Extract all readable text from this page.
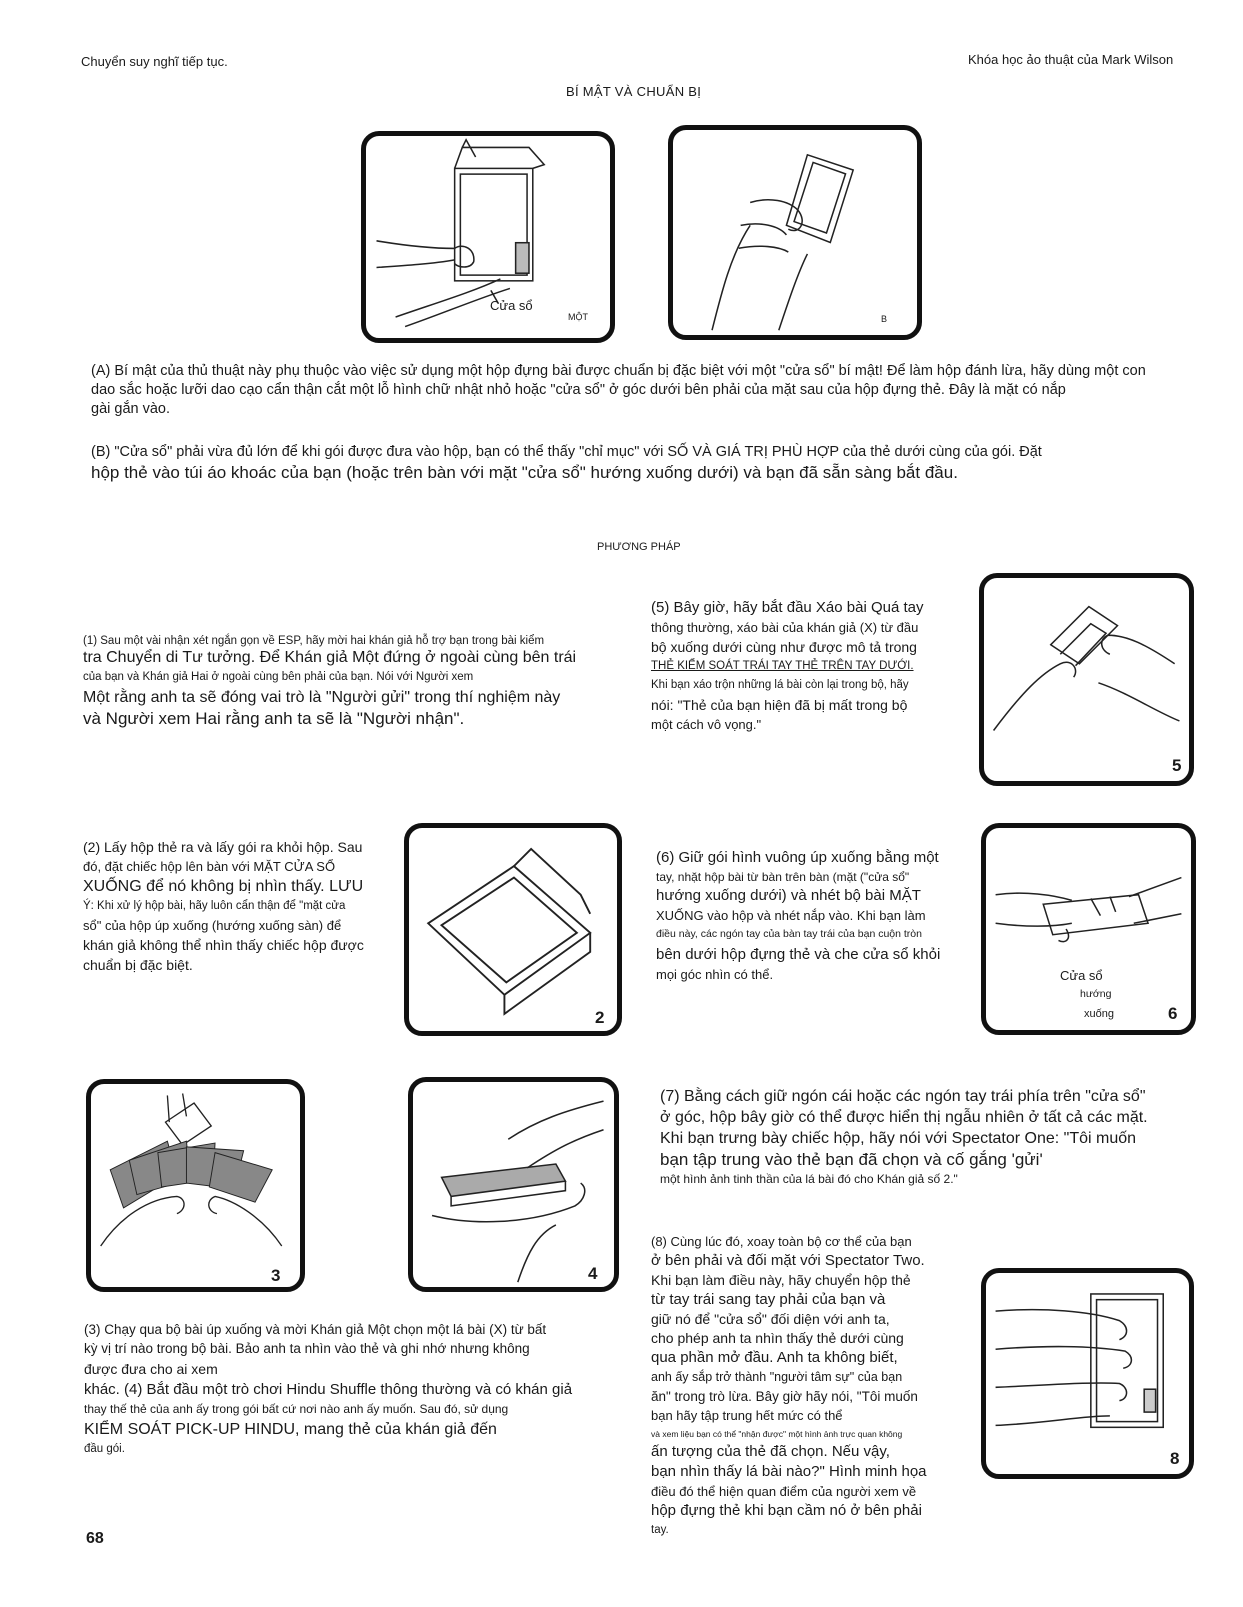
Chuyển suy nghĩ tiếp tục.	Khóa học ảo thuật của Mark Wilson
BÍ MẬT VÀ CHUẨN BỊ
Cửa sổ
MỘT	B
(A) Bí mật của thủ thuật này phụ thuộc vào việc sử dụng một hộp đựng bài được chuẩn bị đặc biệt với một "cửa sổ" bí mật! Để làm hộp đánh lừa, hãy dùng một con
dao sắc hoặc lưỡi dao cạo cẩn thận cắt một lỗ hình chữ nhật nhỏ hoặc "cửa sổ" ở góc dưới bên phải của mặt sau của hộp đựng thẻ. Đây là mặt có nắp
gài gắn vào.
(B) "Cửa sổ" phải vừa đủ lớn để khi gói được đưa vào hộp, bạn có thể thấy "chỉ mục" với SỐ VÀ GIÁ TRỊ PHÙ HỢP của thẻ dưới cùng của gói. Đặt
hộp thẻ vào túi áo khoác của bạn (hoặc trên bàn với mặt "cửa sổ" hướng xuống dưới) và bạn đã sẵn sàng bắt đầu.
PHƯƠNG PHÁP
(1) Sau một vài nhận xét ngắn gọn về ESP, hãy mời hai khán giả hỗ trợ bạn trong bài kiểm
tra Chuyển di Tư tưởng. Để Khán giả Một đứng ở ngoài cùng bên trái
của bạn và Khán giả Hai ở ngoài cùng bên phải của bạn. Nói với Người xem
Một rằng anh ta sẽ đóng vai trò là "Người gửi" trong thí nghiệm này
và Người xem Hai rằng anh ta sẽ là "Người nhận".
(5) Bây giờ, hãy bắt đầu Xáo bài Quá tay
thông thường, xáo bài của khán giả (X) từ đầu
bộ xuống dưới cùng như được mô tả trong
THẺ KIỂM SOÁT TRÁI TAY THẺ TRÊN TAY DƯỚI.
Khi bạn xáo trộn những lá bài còn lại trong bộ, hãy
nói: "Thẻ của bạn hiện đã bị mất trong bộ
một cách vô vọng."
5
(2) Lấy hộp thẻ ra và lấy gói ra khỏi hộp. Sau
đó, đặt chiếc hộp lên bàn với MẶT CỬA SỔ
XUỐNG để nó không bị nhìn thấy. LƯU
Ý: Khi xử lý hộp bài, hãy luôn cẩn thận để "mặt cửa
sổ" của hộp úp xuống (hướng xuống sàn) để
khán giả không thể nhìn thấy chiếc hộp được
chuẩn bị đặc biệt.
2
(6) Giữ gói hình vuông úp xuống bằng một
tay, nhặt hộp bài từ bàn trên bàn (mặt ("cửa sổ"
hướng xuống dưới) và nhét bộ bài MẶT
XUỐNG vào hộp và nhét nắp vào. Khi bạn làm
điều này, các ngón tay của bàn tay trái của bạn cuộn tròn
bên dưới hộp đựng thẻ và che cửa sổ khỏi
mọi góc nhìn có thể.	Cửa sổ
hướng
xuống	6
3	4
(7) Bằng cách giữ ngón cái hoặc các ngón tay trái phía trên "cửa sổ"
ở góc, hộp bây giờ có thể được hiển thị ngẫu nhiên ở tất cả các mặt.
Khi bạn trưng bày chiếc hộp, hãy nói với Spectator One: "Tôi muốn
bạn tập trung vào thẻ bạn đã chọn và cố gắng 'gửi'
một hình ảnh tinh thần của lá bài đó cho Khán giả số 2."
(8) Cùng lúc đó, xoay toàn bộ cơ thể của bạn
ở bên phải và đối mặt với Spectator Two.
Khi bạn làm điều này, hãy chuyển hộp thẻ
từ tay trái sang tay phải của bạn và
giữ nó để "cửa sổ" đối diện với anh ta,
cho phép anh ta nhìn thấy thẻ dưới cùng
qua phần mở đầu. Anh ta không biết,
anh ấy sắp trở thành "người tâm sự" của bạn
ăn" trong trò lừa. Bây giờ hãy nói, "Tôi muốn
bạn hãy tập trung hết mức có thể
và xem liệu bạn có thể "nhận được" một hình ảnh trực quan không
ấn tượng của thẻ đã chọn. Nếu vậy,
bạn nhìn thấy lá bài nào?" Hình minh họa
điều đó thể hiện quan điểm của người xem về
hộp đựng thẻ khi bạn cầm nó ở bên phải
tay.
8
(3) Chạy qua bộ bài úp xuống và mời Khán giả Một chọn một lá bài (X) từ bất
kỳ vị trí nào trong bộ bài. Bảo anh ta nhìn vào thẻ và ghi nhớ nhưng không
được đưa cho ai xem
khác. (4) Bắt đầu một trò chơi Hindu Shuffle thông thường và có khán giả
thay thế thẻ của anh ấy trong gói bất cứ nơi nào anh ấy muốn. Sau đó, sử dụng
KIỂM SOÁT PICK-UP HINDU, mang thẻ của khán giả đến
đầu gói.
68
